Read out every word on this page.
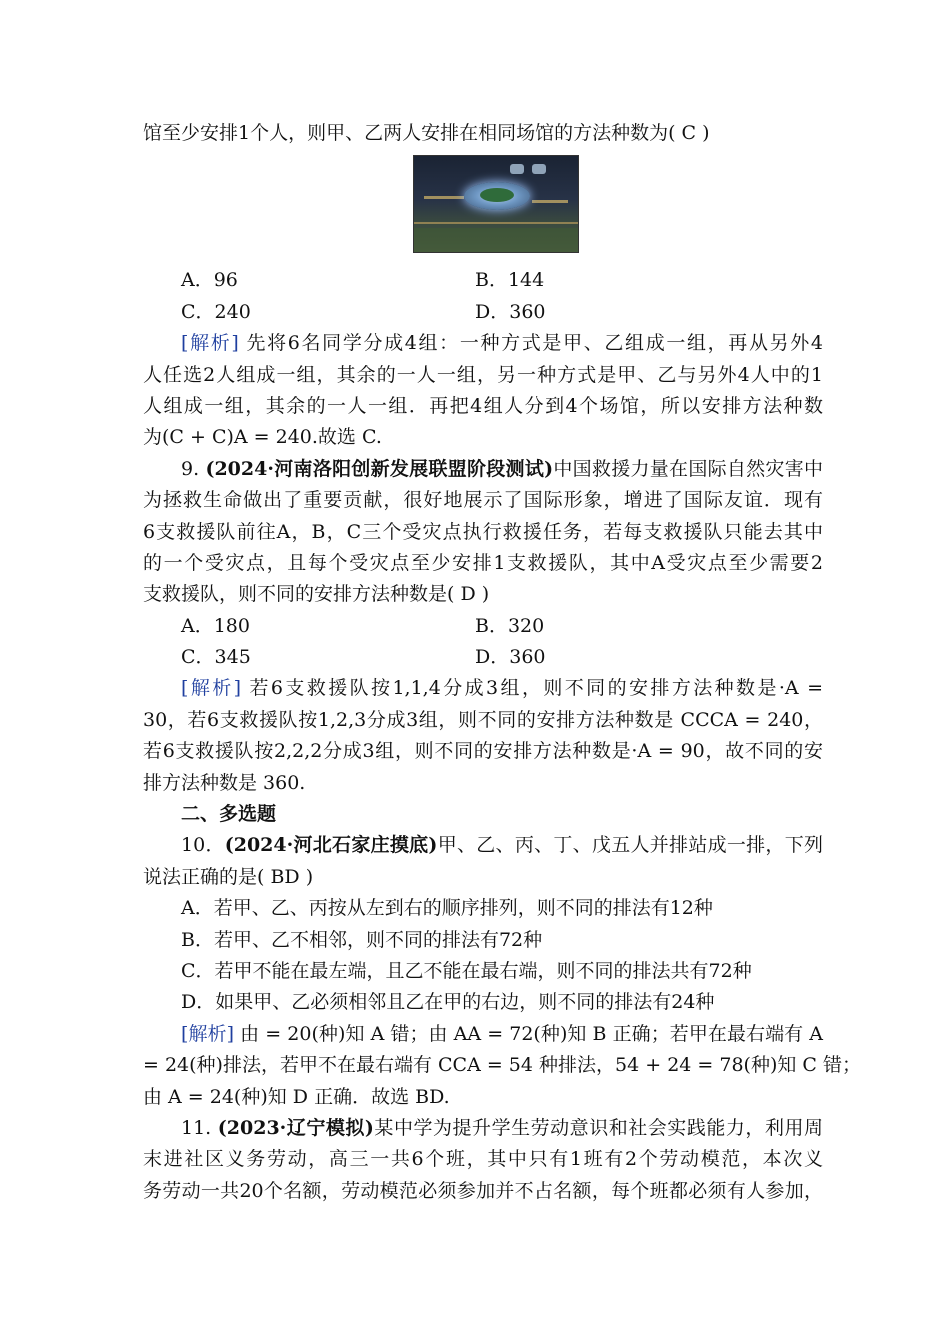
馆至少安排1个人，则甲、乙两人安排在相同场馆的方法种数为( C )
A．96	B．144
C．240	D．360
[解析] 先将6名同学分成4组：一种方式是甲、乙组成一组，再从另外4
人任选2人组成一组，其余的一人一组，另一种方式是甲、乙与另外4人中的1
人组成一组，其余的一人一组．再把4组人分到4个场馆，所以安排方法种数
为(C + C)A = 240.故选 C.
9. (2024·河南洛阳创新发展联盟阶段测试)中国救援力量在国际自然灾害中
为拯救生命做出了重要贡献，很好地展示了国际形象，增进了国际友谊．现有
6支救援队前往A，B，C三个受灾点执行救援任务，若每支救援队只能去其中
的一个受灾点，且每个受灾点至少安排1支救援队，其中A受灾点至少需要2
支救援队，则不同的安排方法种数是( D )
A．180	B．320
C．345	D．360
[解析] 若6支救援队按1,1,4分成3组，则不同的安排方法种数是·A =
30，若6支救援队按1,2,3分成3组，则不同的安排方法种数是 CCCA = 240，
若6支救援队按2,2,2分成3组，则不同的安排方法种数是·A = 90，故不同的安
排方法种数是 360.
二、多选题
10．(2024·河北石家庄摸底)甲、乙、丙、丁、戊五人并排站成一排，下列
说法正确的是( BD )
A．若甲、乙、丙按从左到右的顺序排列，则不同的排法有12种
B．若甲、乙不相邻，则不同的排法有72种
C．若甲不能在最左端，且乙不能在最右端，则不同的排法共有72种
D．如果甲、乙必须相邻且乙在甲的右边，则不同的排法有24种
[解析] 由 = 20(种)知 A 错；由 AA = 72(种)知 B 正确；若甲在最右端有 A
= 24(种)排法，若甲不在最右端有 CCA = 54 种排法，54 + 24 = 78(种)知 C 错；
由 A = 24(种)知 D 正确．故选 BD.
11. (2023·辽宁模拟)某中学为提升学生劳动意识和社会实践能力，利用周
末进社区义务劳动，高三一共6个班，其中只有1班有2个劳动模范，本次义
务劳动一共20个名额，劳动模范必须参加并不占名额，每个班都必须有人参加，
